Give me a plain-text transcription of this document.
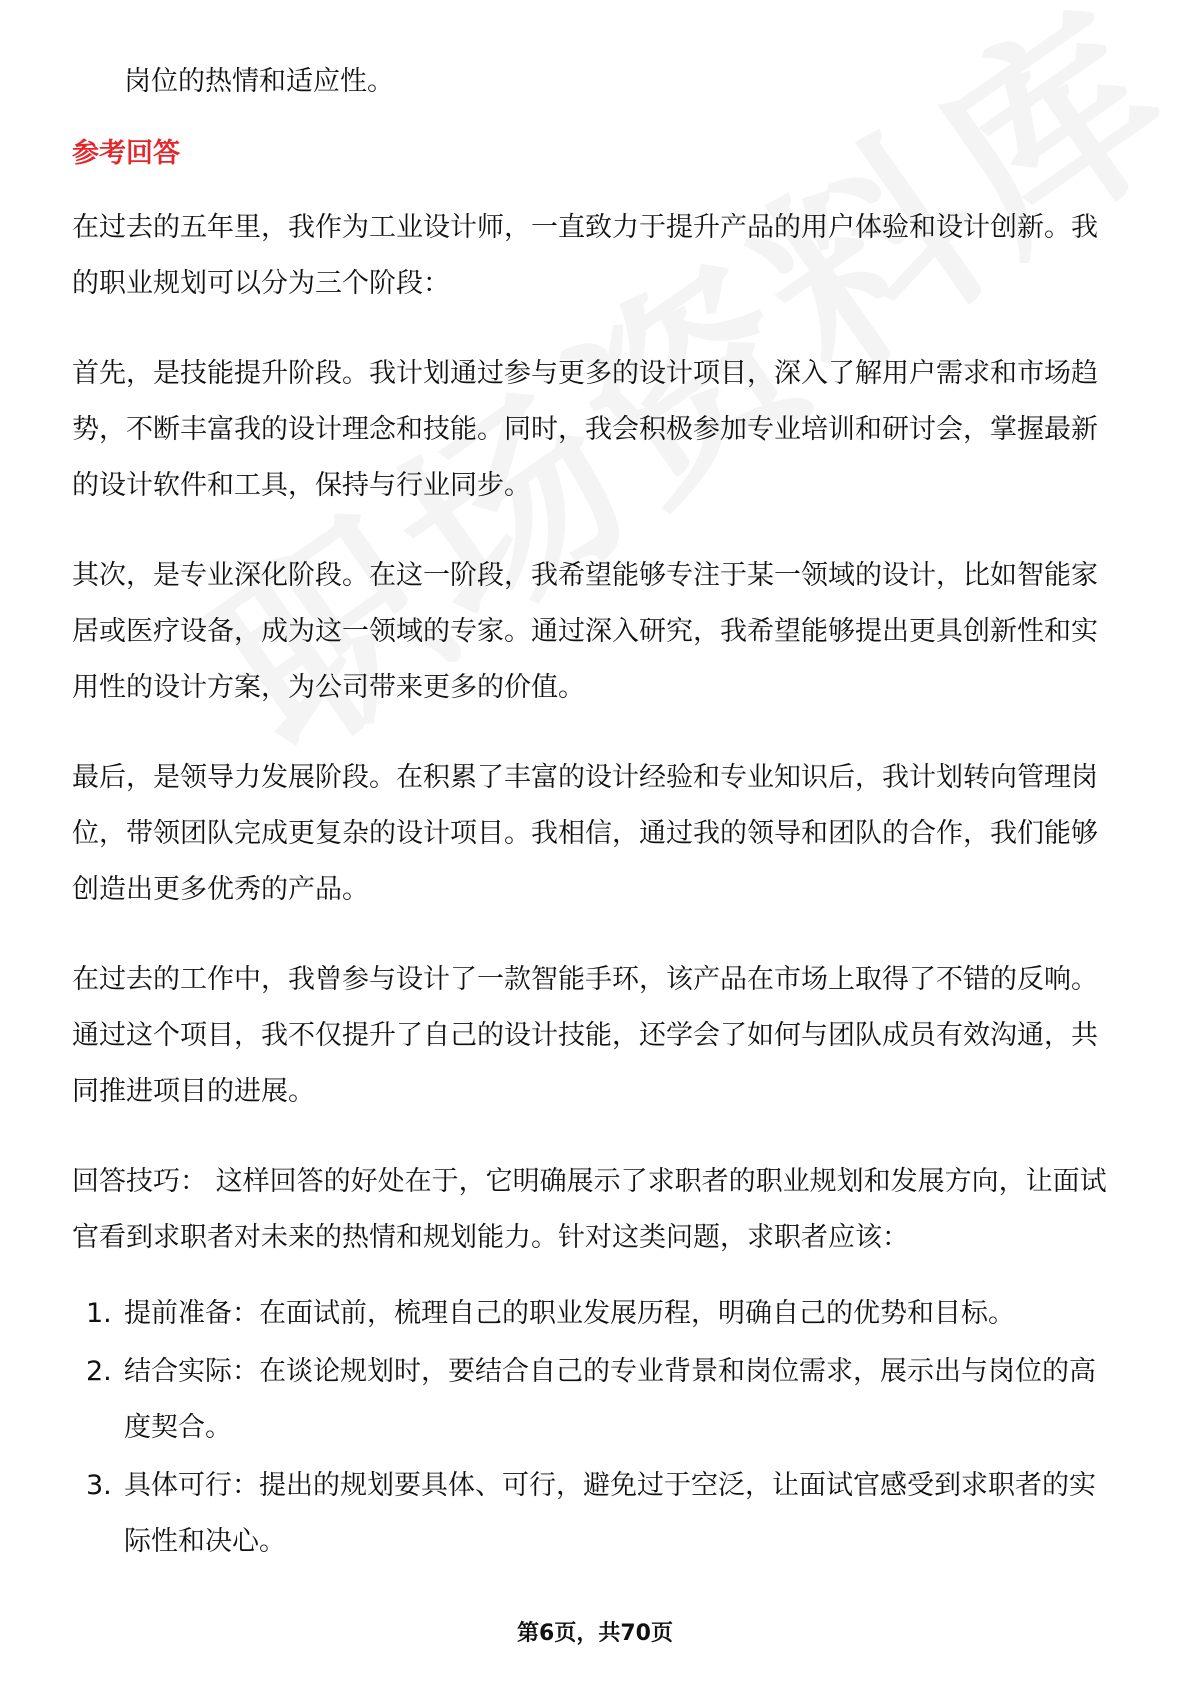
岗位的热情和适应性。

参考回答

在过去的五年里，我作为工业设计师，一直致力于提升产品的用户体验和设计创新。我的职业规划可以分为三个阶段：

首先，是技能提升阶段。我计划通过参与更多的设计项目，深入了解用户需求和市场趋势，不断丰富我的设计理念和技能。同时，我会积极参加专业培训和研讨会，掌握最新的设计软件和工具，保持与行业同步。

其次，是专业深化阶段。在这一阶段，我希望能够专注于某一领域的设计，比如智能家居或医疗设备，成为这一领域的专家。通过深入研究，我希望能够提出更具创新性和实用性的设计方案，为公司带来更多的价值。

最后，是领导力发展阶段。在积累了丰富的设计经验和专业知识后，我计划转向管理岗位，带领团队完成更复杂的设计项目。我相信，通过我的领导和团队的合作，我们能够创造出更多优秀的产品。

在过去的工作中，我曾参与设计了一款智能手环，该产品在市场上取得了不错的反响。通过这个项目，我不仅提升了自己的设计技能，还学会了如何与团队成员有效沟通，共同推进项目的进展。

回答技巧： 这样回答的好处在于，它明确展示了求职者的职业规划和发展方向，让面试官看到求职者对未来的热情和规划能力。针对这类问题，求职者应该：

1. 提前准备：在面试前，梳理自己的职业发展历程，明确自己的优势和目标。
2. 结合实际：在谈论规划时，要结合自己的专业背景和岗位需求，展示出与岗位的高度契合。
3. 具体可行：提出的规划要具体、可行，避免过于空泛，让面试官感受到求职者的实际性和决心。
第6页，共70页
